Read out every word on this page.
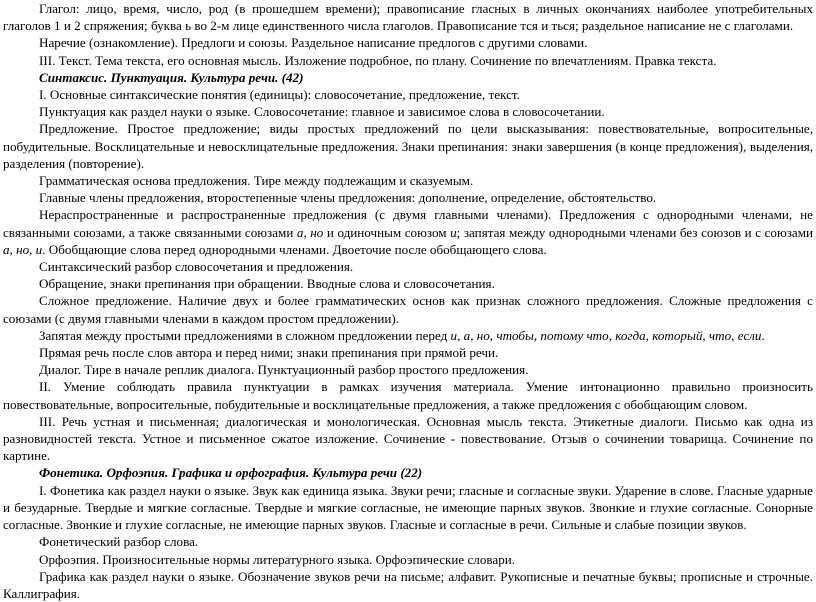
Глагол: лицо, время, число, род (в прошедшем времени); правописание гласных в личных окончаниях наиболее употребительных глаголов 1 и 2 спряжения; буква ь во 2-м лице единственного числа глаголов. Правописание тся и ться; раздельное написание не с глаголами.

Наречие (ознакомление). Предлоги и союзы. Раздельное написание предлогов с другими словами.

III. Текст. Тема текста, его основная мысль. Изложение подробное, по плану. Сочинение по впечатлениям. Правка текста.

Синтаксис. Пунктуация. Культура речи. (42)

I. Основные синтаксические понятия (единицы): словосочетание, предложение, текст.

Пунктуация как раздел науки о языке. Словосочетание: главное и зависимое слова в словосочетании.

Предложение. Простое предложение; виды простых предложений по цели высказывания: повествовательные, вопросительные, побудительные. Восклицательные и невосклицательные предложения. Знаки препинания: знаки завершения (в конце предложения), выделения, разделения (повторение).

Грамматическая основа предложения. Тире между подлежащим и сказуемым.

Главные члены предложения, второстепенные члены предложения: дополнение, определение, обстоятельство.

Нераспространенные и распространенные предложения (с двумя главными членами). Предложения с однородными членами, не связанными союзами, а также связанными союзами а, но и одиночным союзом и; запятая между однородными членами без союзов и с союзами а, но, и. Обобщающие слова перед однородными членами. Двоеточие после обобщающего слова.

Синтаксический разбор словосочетания и предложения.

Обращение, знаки препинания при обращении. Вводные слова и словосочетания.

Сложное предложение. Наличие двух и более грамматических основ как признак сложного предложения. Сложные предложения с союзами (с двумя главными членами в каждом простом предложении).

Запятая между простыми предложениями в сложном предложении перед и, а, но, чтобы, потому что, когда, который, что, если.

Прямая речь после слов автора и перед ними; знаки препинания при прямой речи.

Диалог. Тире в начале реплик диалога. Пунктуационный разбор простого предложения.

II. Умение соблюдать правила пунктуации в рамках изучения материала. Умение интонационно правильно произносить повествовательные, вопросительные, побудительные и восклицательные предложения, а также предложения с обобщающим словом.

III. Речь устная и письменная; диалогическая и монологическая. Основная мысль текста. Этикетные диалоги. Письмо как одна из разновидностей текста. Устное и письменное сжатое изложение. Сочинение - повествование. Отзыв о сочинении товарища. Сочинение по картине.

Фонетика. Орфоэпия. Графика и орфография. Культура речи (22)

I. Фонетика как раздел науки о языке. Звук как единица языка. Звуки речи; гласные и согласные звуки. Ударение в слове. Гласные ударные и безударные. Твердые и мягкие согласные. Твердые и мягкие согласные, не имеющие парных звуков. Звонкие и глухие согласные. Сонорные согласные. Звонкие и глухие согласные, не имеющие парных звуков. Гласные и согласные в речи. Сильные и слабые позиции звуков.

Фонетический разбор слова.

Орфоэпия. Произносительные нормы литературного языка. Орфоэпические словари.

Графика как раздел науки о языке. Обозначение звуков речи на письме; алфавит. Рукописные и печатные буквы; прописные и строчные. Каллиграфия.
